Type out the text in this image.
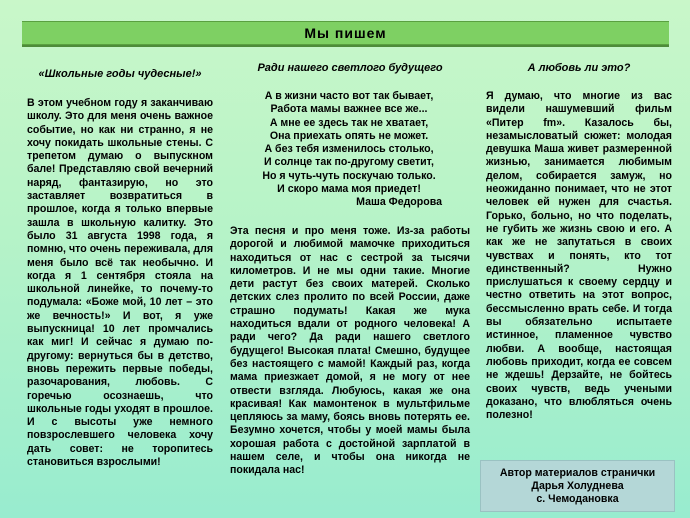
Мы пишем
«Школьные годы чудесные!»
В этом учебном году я заканчиваю школу. Это для меня очень важное событие, но как ни странно, я не хочу покидать школьные стены. С трепетом думаю о выпускном бале! Представляю свой вечерний наряд, фантазирую, но это заставляет возвратиться в прошлое, когда я только впервые зашла в школьную калитку. Это было 31 августа 1998 года, я помню, что очень переживала, для меня было всё так необычно. И когда я 1 сентября стояла на школьной линейке, то почему-то подумала: «Боже мой, 10 лет – это же вечность!» И вот, я уже выпускница! 10 лет промчались как миг! И сейчас я думаю по-другому: вернуться бы в детство, вновь пережить первые победы, разочарования, любовь. С горечью осознаешь, что школьные годы уходят в прошлое. И с высоты уже немного повзрослевшего человека хочу дать совет: не торопитесь становиться взрослыми!
Ради нашего светлого будущего
А в жизни часто вот так бывает,
Работа мамы важнее все же...
А мне ее здесь так не хватает,
Она приехать опять не может.
А без тебя изменилось столько,
И солнце так по-другому светит,
Но я чуть-чуть поскучаю только.
И скоро мама моя приедет!
Маша Федорова
Эта песня и про меня тоже. Из-за работы дорогой и любимой мамочке приходиться находиться от нас с сестрой за тысячи километров. И не мы одни такие. Многие дети растут без своих матерей. Сколько детских слез пролито по всей России, даже страшно подумать! Какая же мука находиться вдали от родного человека! А ради чего? Да ради нашего светлого будущего! Высокая плата! Смешно, будущее без настоящего с мамой! Каждый раз, когда мама приезжает домой, я не могу от нее отвести взгляда. Любуюсь, какая же она красивая! Как мамонтенок в мультфильме цепляюсь за маму, боясь вновь потерять ее. Безумно хочется, чтобы у моей мамы была хорошая работа с достойной зарплатой в нашем селе, и чтобы она никогда не покидала нас!
А любовь ли это?
Я думаю, что многие из вас видели нашумевший фильм «Питер fm». Казалось бы, незамысловатый сюжет: молодая девушка Маша живет размеренной жизнью, занимается любимым делом, собирается замуж, но неожиданно понимает, что не этот человек ей нужен для счастья. Горько, больно, но что поделать, не губить же жизнь свою и его. А как же не запутаться в своих чувствах и понять, кто тот единственный? Нужно прислушаться к своему сердцу и честно ответить на этот вопрос, бессмысленно врать себе. И тогда вы обязательно испытаете истинное, пламенное чувство любви. А вообще, настоящая любовь приходит, когда ее совсем не ждешь! Дерзайте, не бойтесь своих чувств, ведь учеными доказано, что влюбляться очень полезно!
Автор материалов странички
Дарья Холуднева
с. Чемодановка
